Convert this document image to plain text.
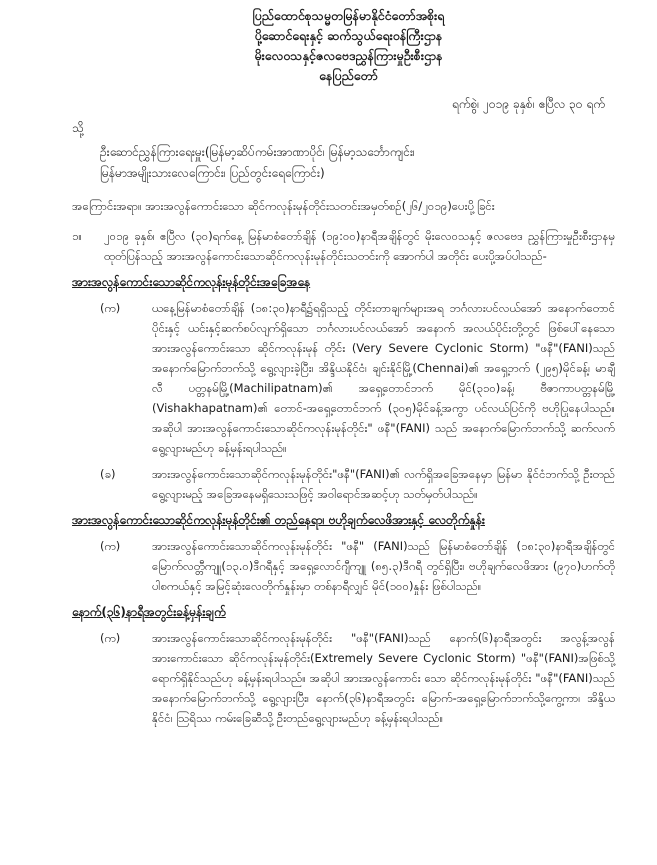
ပြည်ထောင်စုသမ္မတမြန်မာနိုင်ငံတော်အစိုးရ
ပို့ဆောင်ရေးနှင့် ဆက်သွယ်ရေးဝန်ကြီးဌာန
မိုးလေဝသနှင့်ဇလဗေဒညွှန်ကြားမှုဦးစီးဌာန
နေပြည်တော်
ရက်စွဲ၊ ၂၀၁၉ ခုနှစ်၊ ဧပြီလ ၃၀ ရက်
သို့
ဦးဆောင်ညွှန်ကြားရေးမှူး(မြန်မာ့ဆိပ်ကမ်းအာဏာပိုင်၊ မြန်မာ့သင်္ဘောကျင်း၊
မြန်မာအမျိုးသားလေကြောင်း၊ ပြည်တွင်းရေကြောင်း)
အကြောင်းအရာ။ အားအလွန်ကောင်းသော ဆိုင်ကလုန်းမုန်တိုင်းသတင်းအမှတ်စဉ်(၂၆/၂၀၁၉)ပေးပို့ခြင်း
၁။	၂၀၁၉ ခုနှစ်၊ ဧပြီလ (၃၀)ရက်နေ့ မြန်မာစံတော်ချိန် (၁၉:၀၀)နာရီအချိန်တွင် မိုးလေဝသနှင့် ဇလဗေဒ ညွှန်ကြားမှုဦးစီးဌာနမှ ထုတ်ပြန်သည့် အားအလွန်ကောင်းသောဆိုင်ကလုန်းမုန်တိုင်းသတင်းကို အောက်ပါ အတိုင်း ပေးပို့အပ်ပါသည်-
အားအလွန်ကောင်းသောဆိုင်ကလုန်းမုန်တိုင်းအခြေအနေ
(က)	ယနေ့မြန်မာစံတော်ချိန် (၁၈:၃၀)နာရီ၌ရရှိသည့် တိုင်းတာချက်များအရ ဘင်္ဂလားပင်လယ်အော် အနောက်တောင်ပိုင်းနှင့် ယင်းနှင့်ဆက်စပ်လျက်ရှိသော ဘင်္ဂလားပင်လယ်အော် အနောက် အလယ်ပိုင်းတို့တွင် ဖြစ်ပေါ်နေသော အားအလွန်ကောင်းသော ဆိုင်ကလုန်းမုန် တိုင်း (Very Severe Cyclonic Storm) "ဖနီ"(FANI)သည် အနောက်မြောက်ဘက်သို့ ရွေ့လျားခဲ့ပြီး၊ အိန္ဒိယနိုင်ငံ၊ ချင်းနိုင်မြို့(Chennai)၏ အရှေ့ဘက် (၂၉၅)မိုင်ခန့်၊ မာချီလီ ပတ္တနမ်မြို့(Machilipatnam)၏ အရှေ့တောင်ဘက် မိုင်(၃၁၀)ခန့်၊ ဗီဇာကာပတ္တနမ်မြို့ (Vishakhapatnam)၏ တောင်-အရှေ့တောင်ဘက် (၃၀၅)မိုင်ခန့်အကွာ ပင်လယ်ပြင်ကို ဗဟိုပြုနေပါသည်။ အဆိုပါ အားအလွန်ကောင်းသောဆိုင်ကလုန်းမုန်တိုင်း" ဖနီ"(FANI) သည် အနောက်မြောက်ဘက်သို့ ဆက်လက်ရွေ့လျားမည်ဟု ခန့်မှန်းရပါသည်။
(ခ)	အားအလွန်ကောင်းသောဆိုင်ကလုန်းမုန်တိုင်း"ဖနီ"(FANI)၏ လက်ရှိအခြေအနေမှာ မြန်မာ နိုင်ငံဘက်သို့ ဦးတည်ရွေ့လျားမည့် အခြေအနေမရှိသေးသဖြင့် အဝါရောင်အဆင့်ဟု သတ်မှတ်ပါသည်။
အားအလွန်ကောင်းသောဆိုင်ကလုန်းမုန်တိုင်း၏ တည်နေရာ၊ ဗဟိုချက်လေဖိအားနှင့် လေတိုက်နှုန်း
(က)	အားအလွန်ကောင်းသောဆိုင်ကလုန်းမုန်တိုင်း "ဖနီ" (FANI)သည် မြန်မာစံတော်ချိန် (၁၈:၃၀)နာရီအချိန်တွင် မြောက်လတ္တီကျူ(၁၃.၀)ဒီဂရီနှင့် အရှေ့လောင်ဂျီကျူ (၈၅.၃)ဒီဂရီ တွင်ရှိပြီး၊ ဗဟိုချက်လေဖိအား (၉၇၀)ဟက်တိုပါစကယ်နှင့် အမြင့်ဆုံးလေတိုက်နှုန်းမှာ တစ်နာရီလျှင် မိုင်(၁၀၀)နှုန်း ဖြစ်ပါသည်။
နောက်(၃၆)နာရီအတွင်းခန့်မှန်းချက်
(က)	အားအလွန်ကောင်းသောဆိုင်ကလုန်းမုန်တိုင်း "ဖနီ"(FANI)သည် နောက်(၆)နာရီအတွင်း အလွန့်အလွန်အားကောင်းသော ဆိုင်ကလုန်းမုန်တိုင်း(Extremely Severe Cyclonic Storm) "ဖနီ"(FANI)အဖြစ်သို့ရောက်ရှိနိုင်သည်ဟု ခန့်မှန်းရပါသည်။ အဆိုပါ အားအလွန်ကောင်း သော ဆိုင်ကလုန်းမုန်တိုင်း "ဖနီ"(FANI)သည် အနောက်မြောက်ဘက်သို့ ရွေ့လျားပြီး၊ နောက်(၃၆)နာရီအတွင်း မြောက်-အရှေ့မြောက်ဘက်သို့ကွေ့ကာ၊ အိန္ဒိယနိုင်ငံ၊ ဩရိဿ ကမ်းခြေဆီသို့ ဦးတည်ရွေ့လျားမည်ဟု ခန့်မှန်းရပါသည်။
